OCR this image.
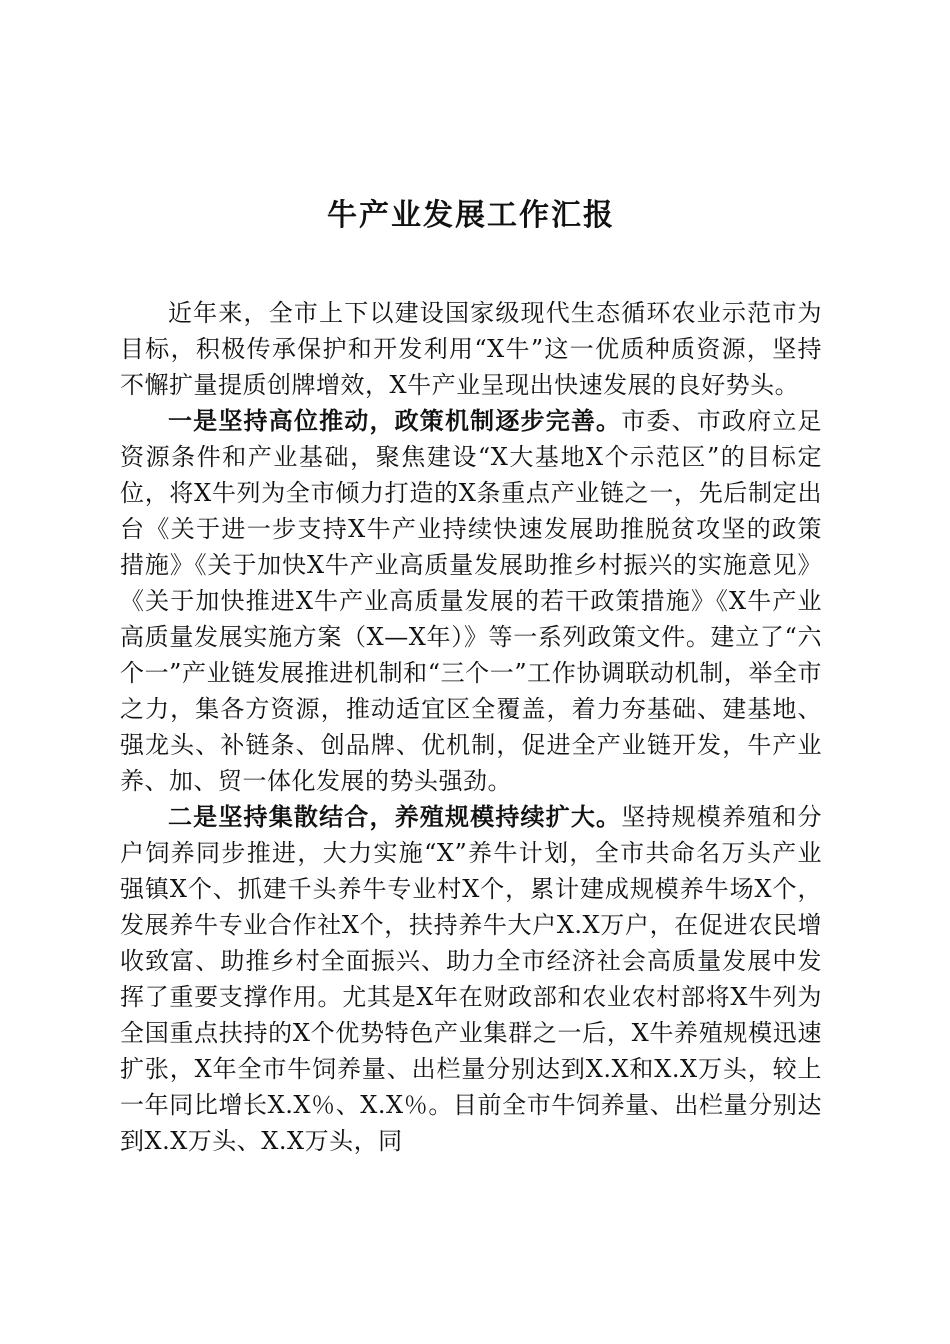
牛产业发展工作汇报

近年来，全市上下以建设国家级现代生态循环农业示范市为目标，积极传承保护和开发利用“X牛”这一优质种质资源，坚持不懈扩量提质创牌增效，X牛产业呈现出快速发展的良好势头。

一是坚持高位推动，政策机制逐步完善。市委、市政府立足资源条件和产业基础，聚焦建设“X大基地X个示范区”的目标定位，将X牛列为全市倾力打造的X条重点产业链之一，先后制定出台《关于进一步支持X牛产业持续快速发展助推脱贫攻坚的政策措施》《关于加快X牛产业高质量发展助推乡村振兴的实施意见》《关于加快推进X牛产业高质量发展的若干政策措施》《X牛产业高质量发展实施方案（X—X年）》等一系列政策文件。建立了“六个一”产业链发展推进机制和“三个一”工作协调联动机制，举全市之力，集各方资源，推动适宜区全覆盖，着力夯基础、建基地、强龙头、补链条、创品牌、优机制，促进全产业链开发，牛产业养、加、贸一体化发展的势头强劲。

二是坚持集散结合，养殖规模持续扩大。坚持规模养殖和分户饲养同步推进，大力实施“X”养牛计划，全市共命名万头产业强镇X个、抓建千头养牛专业村X个，累计建成规模养牛场X个，发展养牛专业合作社X个，扶持养牛大户X.X万户，在促进农民增收致富、助推乡村全面振兴、助力全市经济社会高质量发展中发挥了重要支撑作用。尤其是X年在财政部和农业农村部将X牛列为全国重点扶持的X个优势特色产业集群之一后，X牛养殖规模迅速扩张，X年全市牛饲养量、出栏量分别达到X.X和X.X万头，较上一年同比增长X.X％、X.X％。目前全市牛饲养量、出栏量分别达到X.X万头、X.X万头，同
